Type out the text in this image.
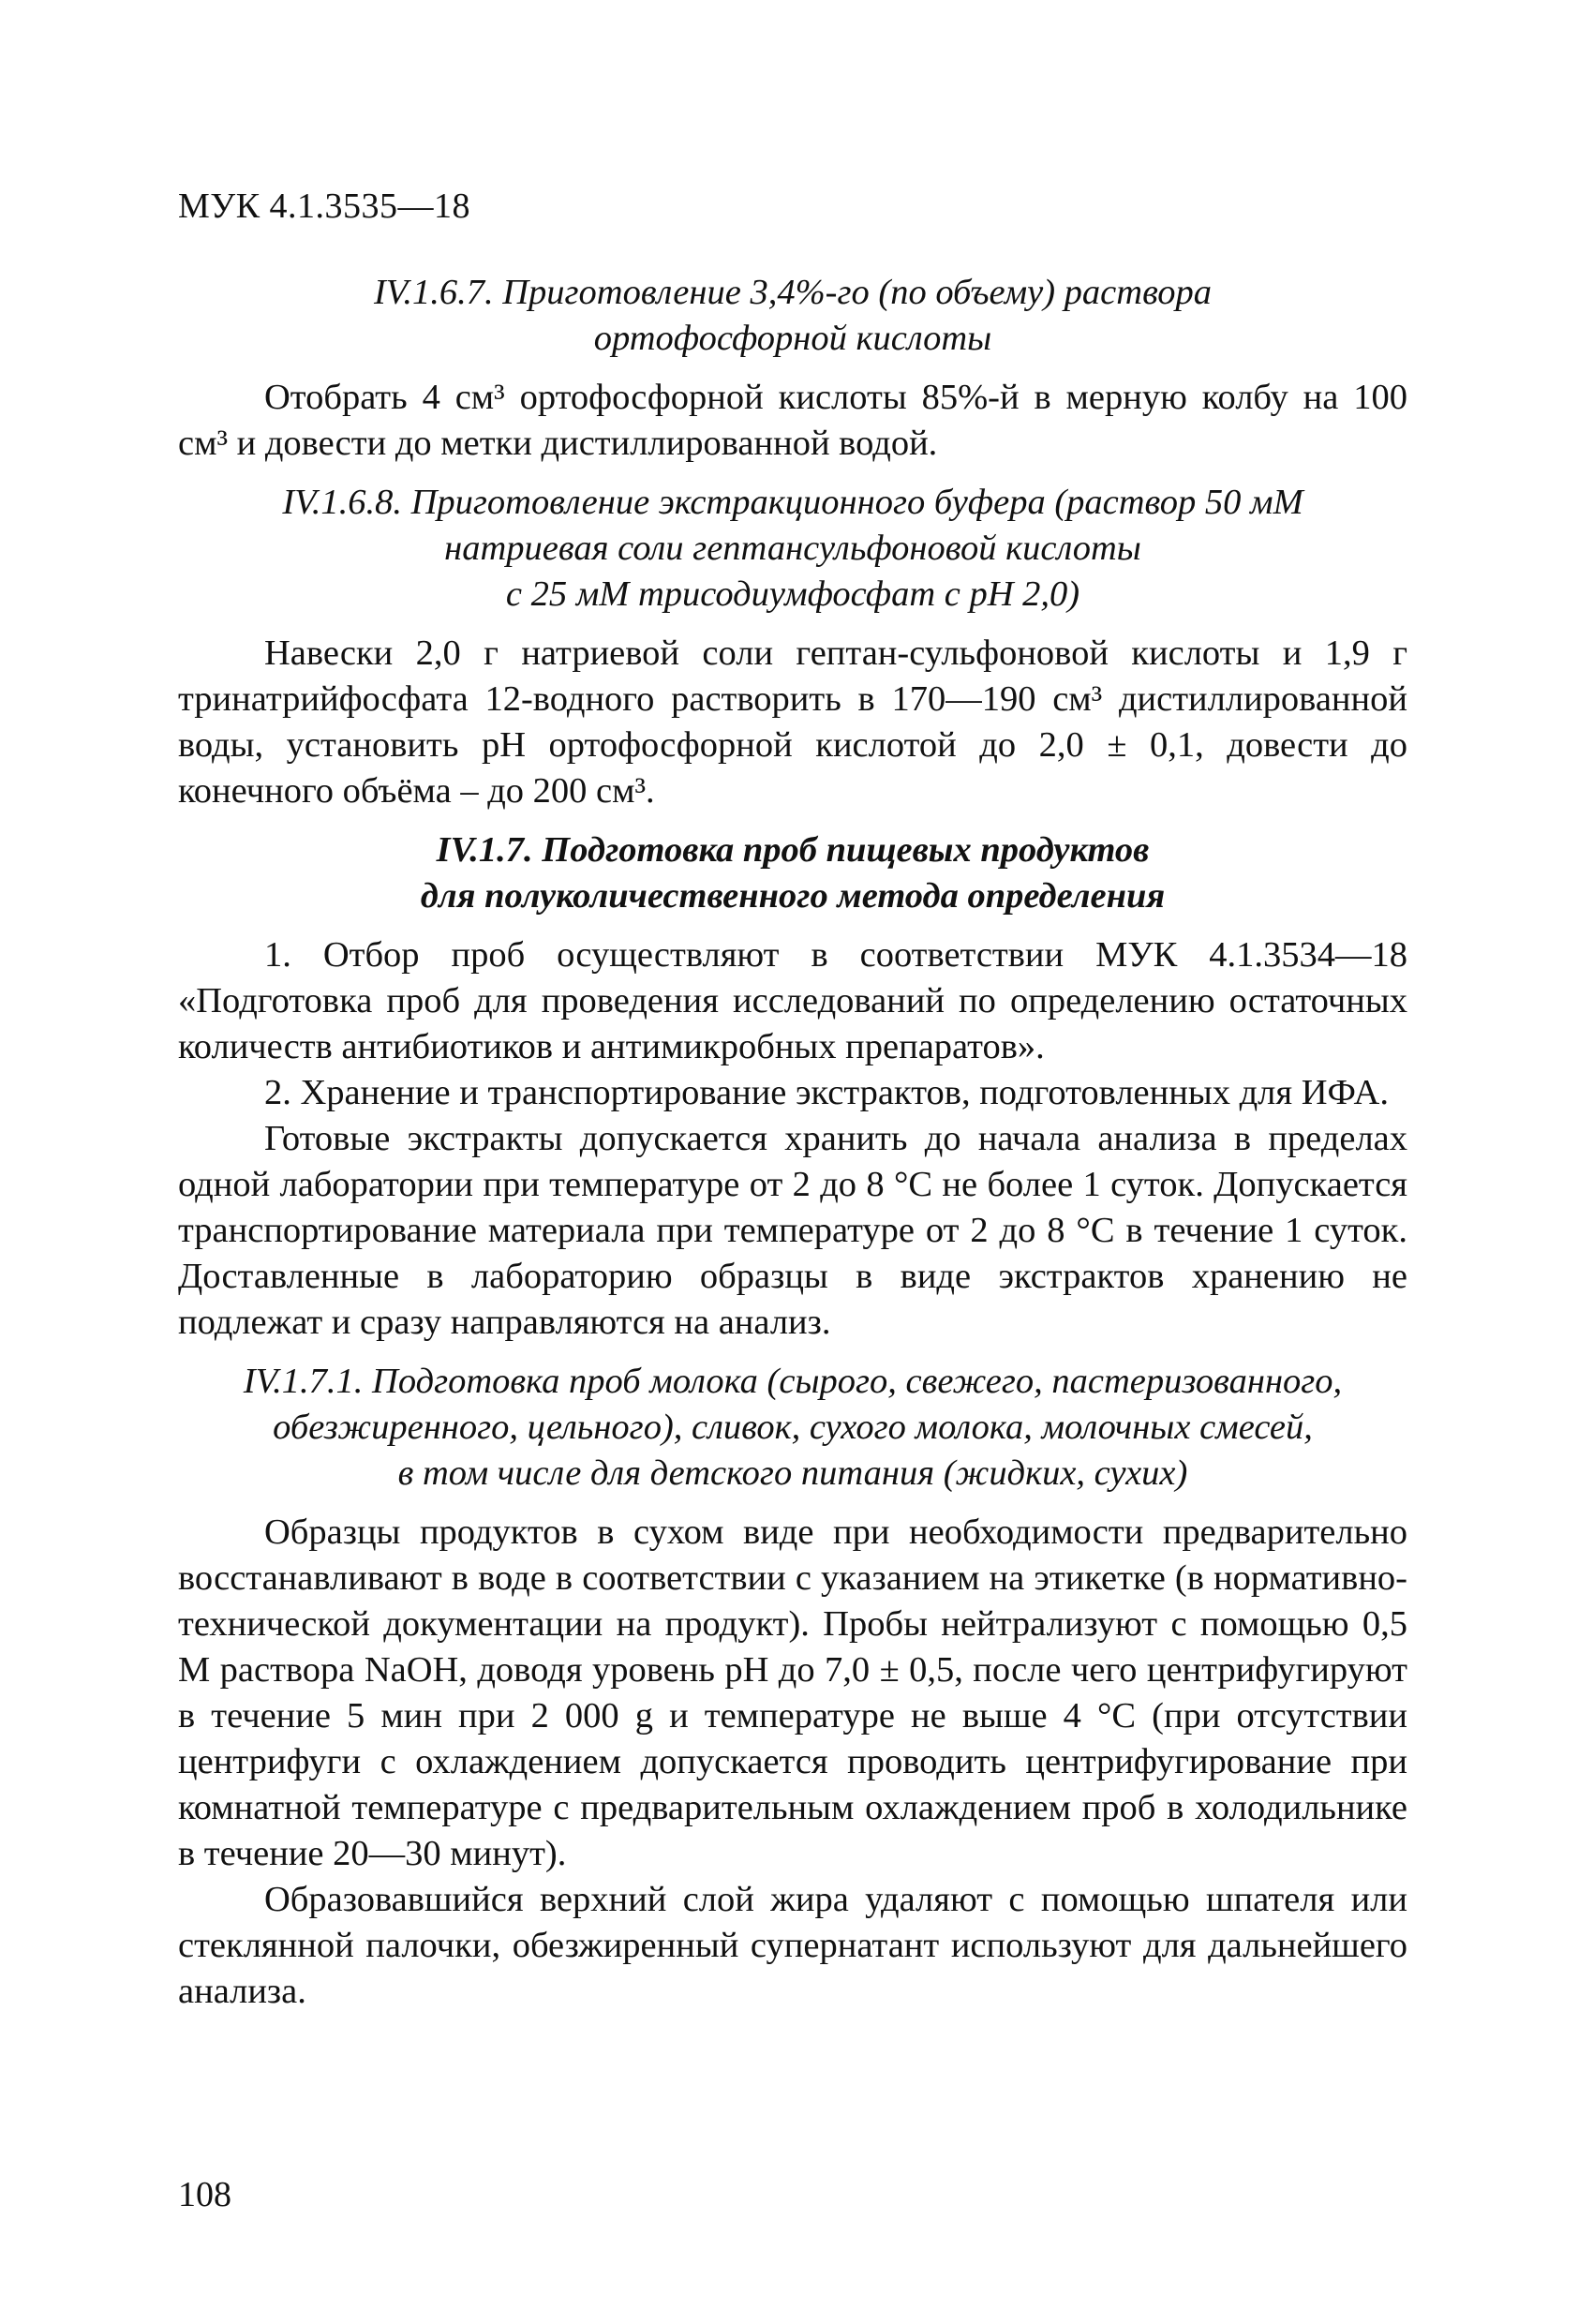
МУК 4.1.3535—18

IV.1.6.7. Приготовление 3,4%-го (по объему) раствора
ортофосфорной кислоты

Отобрать 4 см³ ортофосфорной кислоты 85%-й в мерную колбу на 100 см³ и довести до метки дистиллированной водой.

IV.1.6.8. Приготовление экстракционного буфера (раствор 50 мМ
натриевая соли гептансульфоновой кислоты
с 25 мМ трисодиумфосфат с pH 2,0)

Навески 2,0 г натриевой соли гептан-сульфоновой кислоты и 1,9 г тринатрийфосфата 12-водного растворить в 170—190 см³ дистиллированной воды, установить pH ортофосфорной кислотой до 2,0 ± 0,1, довести до конечного объёма – до 200 см³.

IV.1.7. Подготовка проб пищевых продуктов
для полуколичественного метода определения

1. Отбор проб осуществляют в соответствии МУК 4.1.3534—18 «Подготовка проб для проведения исследований по определению остаточных количеств антибиотиков и антимикробных препаратов».

2. Хранение и транспортирование экстрактов, подготовленных для ИФА.

Готовые экстракты допускается хранить до начала анализа в пределах одной лаборатории при температуре от 2 до 8 °С не более 1 суток. Допускается транспортирование материала при температуре от 2 до 8 °С в течение 1 суток. Доставленные в лабораторию образцы в виде экстрактов хранению не подлежат и сразу направляются на анализ.

IV.1.7.1. Подготовка проб молока (сырого, свежего, пастеризованного,
обезжиренного, цельного), сливок, сухого молока, молочных смесей,
в том числе для детского питания (жидких, сухих)

Образцы продуктов в сухом виде при необходимости предварительно восстанавливают в воде в соответствии с указанием на этикетке (в нормативно-технической документации на продукт). Пробы нейтрализуют с помощью 0,5 М раствора NaOH, доводя уровень pH до 7,0 ± 0,5, после чего центрифугируют в течение 5 мин при 2 000 g и температуре не выше 4 °С (при отсутствии центрифуги с охлаждением допускается проводить центрифугирование при комнатной температуре с предварительным охлаждением проб в холодильнике в течение 20—30 минут).

Образовавшийся верхний слой жира удаляют с помощью шпателя или стеклянной палочки, обезжиренный супернатант используют для дальнейшего анализа.

108
